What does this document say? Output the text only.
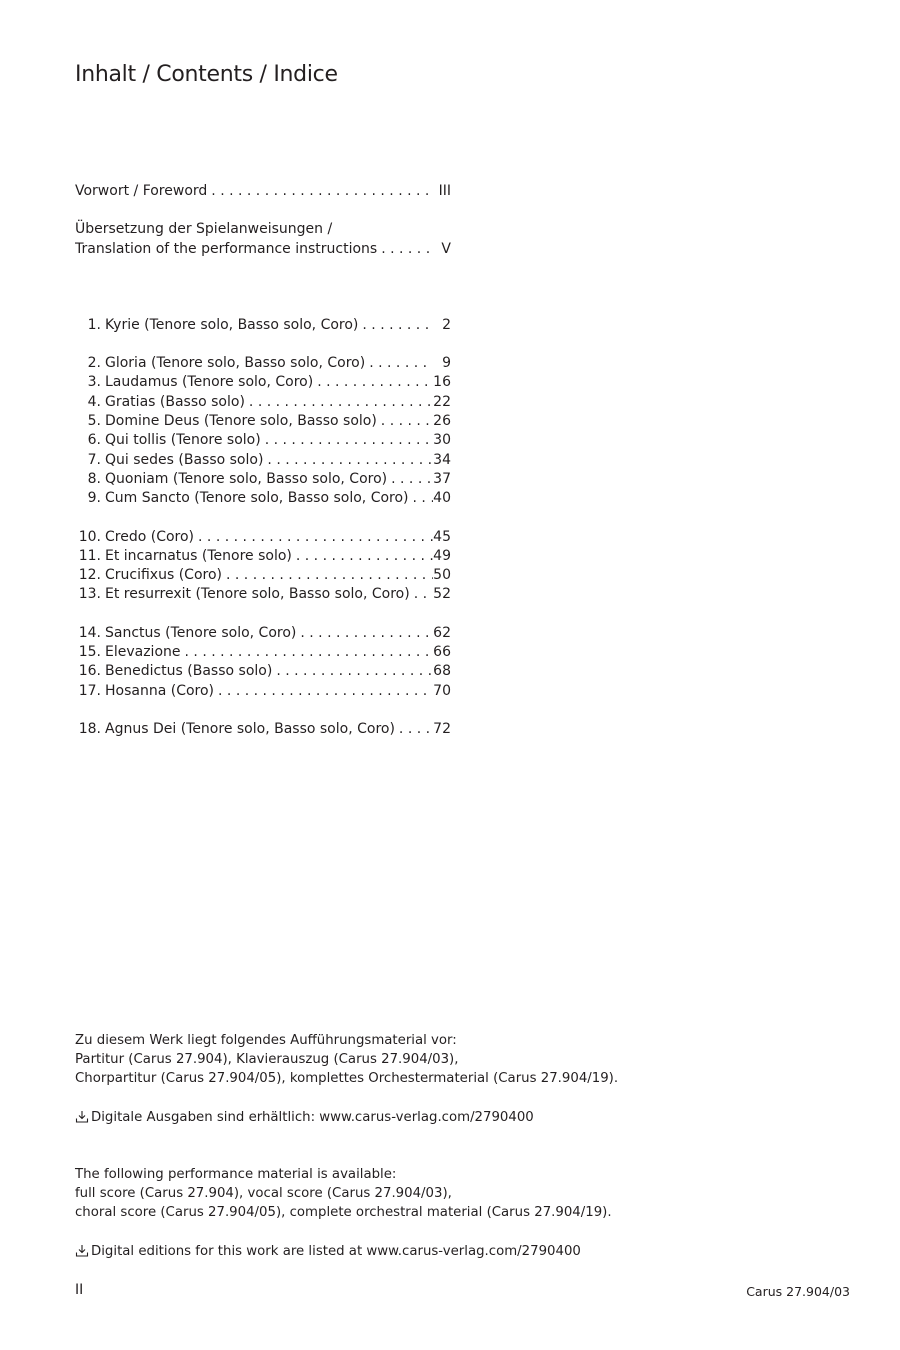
Inhalt / Contents / Indice
Vorwort / Foreword . . .	III
Übersetzung der Spielanweisungen /
Translation of the performance instructions . . .	V
1. Kyrie (Tenore solo, Basso solo, Coro) . . .	2
2. Gloria (Tenore solo, Basso solo, Coro) . . .	9
3. Laudamus (Tenore solo, Coro) . . .	16
4. Gratias (Basso solo) . . .	22
5. Domine Deus (Tenore solo, Basso solo) . . .	26
6. Qui tollis (Tenore solo) . . .	30
7. Qui sedes (Basso solo) . . .	34
8. Quoniam (Tenore solo, Basso solo, Coro) . . .	37
9. Cum Sancto (Tenore solo, Basso solo, Coro) . . . 40
10. Credo (Coro) . . .	45
11. Et incarnatus (Tenore solo) . . .	49
12. Crucifixus (Coro) . . .	50
13. Et resurrexit (Tenore solo, Basso solo, Coro) . . . 52
14. Sanctus (Tenore solo, Coro) . . .	62
15. Elevazione . . .	66
16. Benedictus (Basso solo) . . .	68
17. Hosanna (Coro) . . .	70
18. Agnus Dei (Tenore solo, Basso solo, Coro) . . .	72
Zu diesem Werk liegt folgendes Aufführungsmaterial vor:
Partitur (Carus 27.904), Klavierauszug (Carus 27.904/03),
Chorpartitur (Carus 27.904/05), komplettes Orchestermaterial (Carus 27.904/19).
Digitale Ausgaben sind erhältlich: www.carus-verlag.com/2790400
The following performance material is available:
full score (Carus 27.904), vocal score (Carus 27.904/03),
choral score (Carus 27.904/05), complete orchestral material (Carus 27.904/19).
Digital editions for this work are listed at www.carus-verlag.com/2790400
II	Carus 27.904/03
